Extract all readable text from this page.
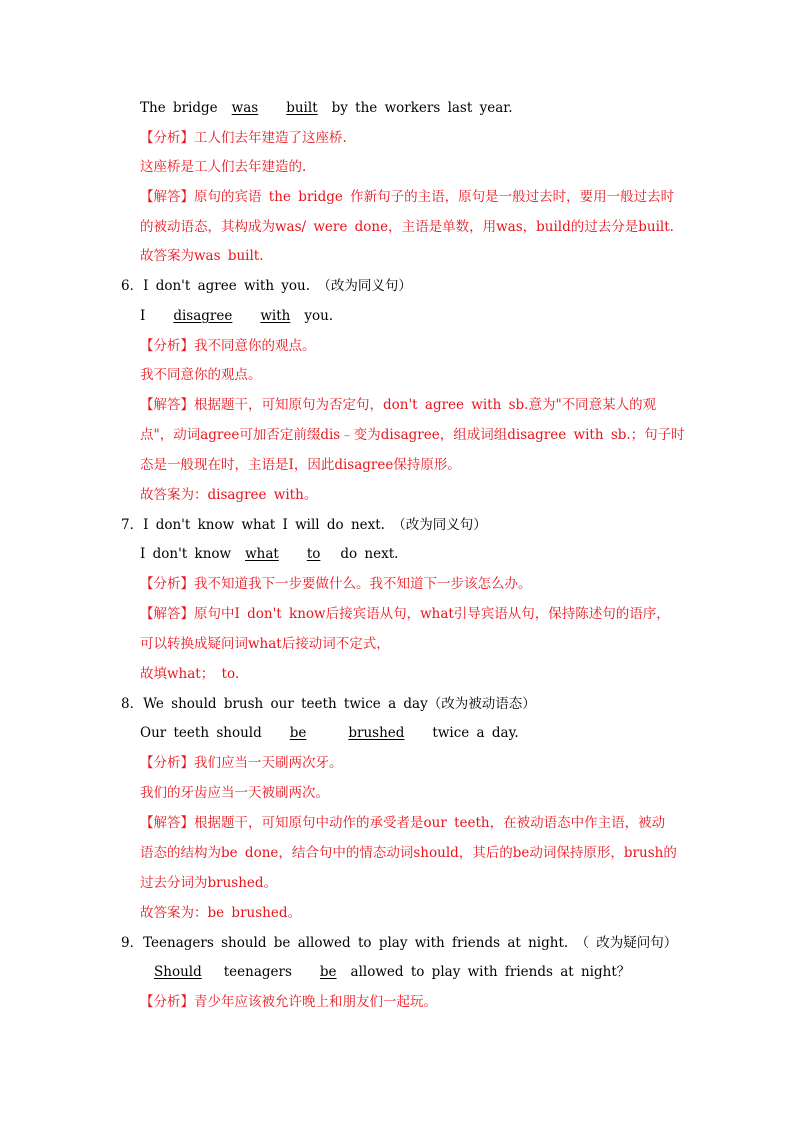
The bridge was built by the workers last year.
【分析】工人们去年建造了这座桥.
这座桥是工人们去年建造的.
【解答】原句的宾语 the bridge 作新句子的主语，原句是一般过去时，要用一般过去时
的被动语态，其构成为was/ were done，主语是单数，用was，build的过去分是built.
故答案为was built.
6．I don't agree with you. （改为同义句）
I disagree with you.
【分析】我不同意你的观点。
我不同意你的观点。
【解答】根据题干，可知原句为否定句，don't agree with sb.意为"不同意某人的观
点"，动词agree可加否定前缀dis﹣变为disagree，组成词组disagree with sb.；句子时
态是一般现在时，主语是I，因此disagree保持原形。
故答案为：disagree with。
7．I don't know what I will do next. （改为同义句）
I don't know what to do next.
【分析】我不知道我下一步要做什么。我不知道下一步该怎么办。
【解答】原句中I don't know后接宾语从句，what引导宾语从句，保持陈述句的语序，
可以转换成疑问词what后接动词不定式，
故填what； to.
8．We should brush our teeth twice a day（改为被动语态）
Our teeth should be	brushed twice a day.
【分析】我们应当一天刷两次牙。
我们的牙齿应当一天被刷两次。
【解答】根据题干，可知原句中动作的承受者是our teeth，在被动语态中作主语，被动
语态的结构为be done，结合句中的情态动词should，其后的be动词保持原形，brush的
过去分词为brushed。
故答案为：be brushed。
9．Teenagers should be allowed to play with friends at night. （ 改为疑问句）
Should teenagers be allowed to play with friends at night？
【分析】青少年应该被允许晚上和朋友们一起玩。
